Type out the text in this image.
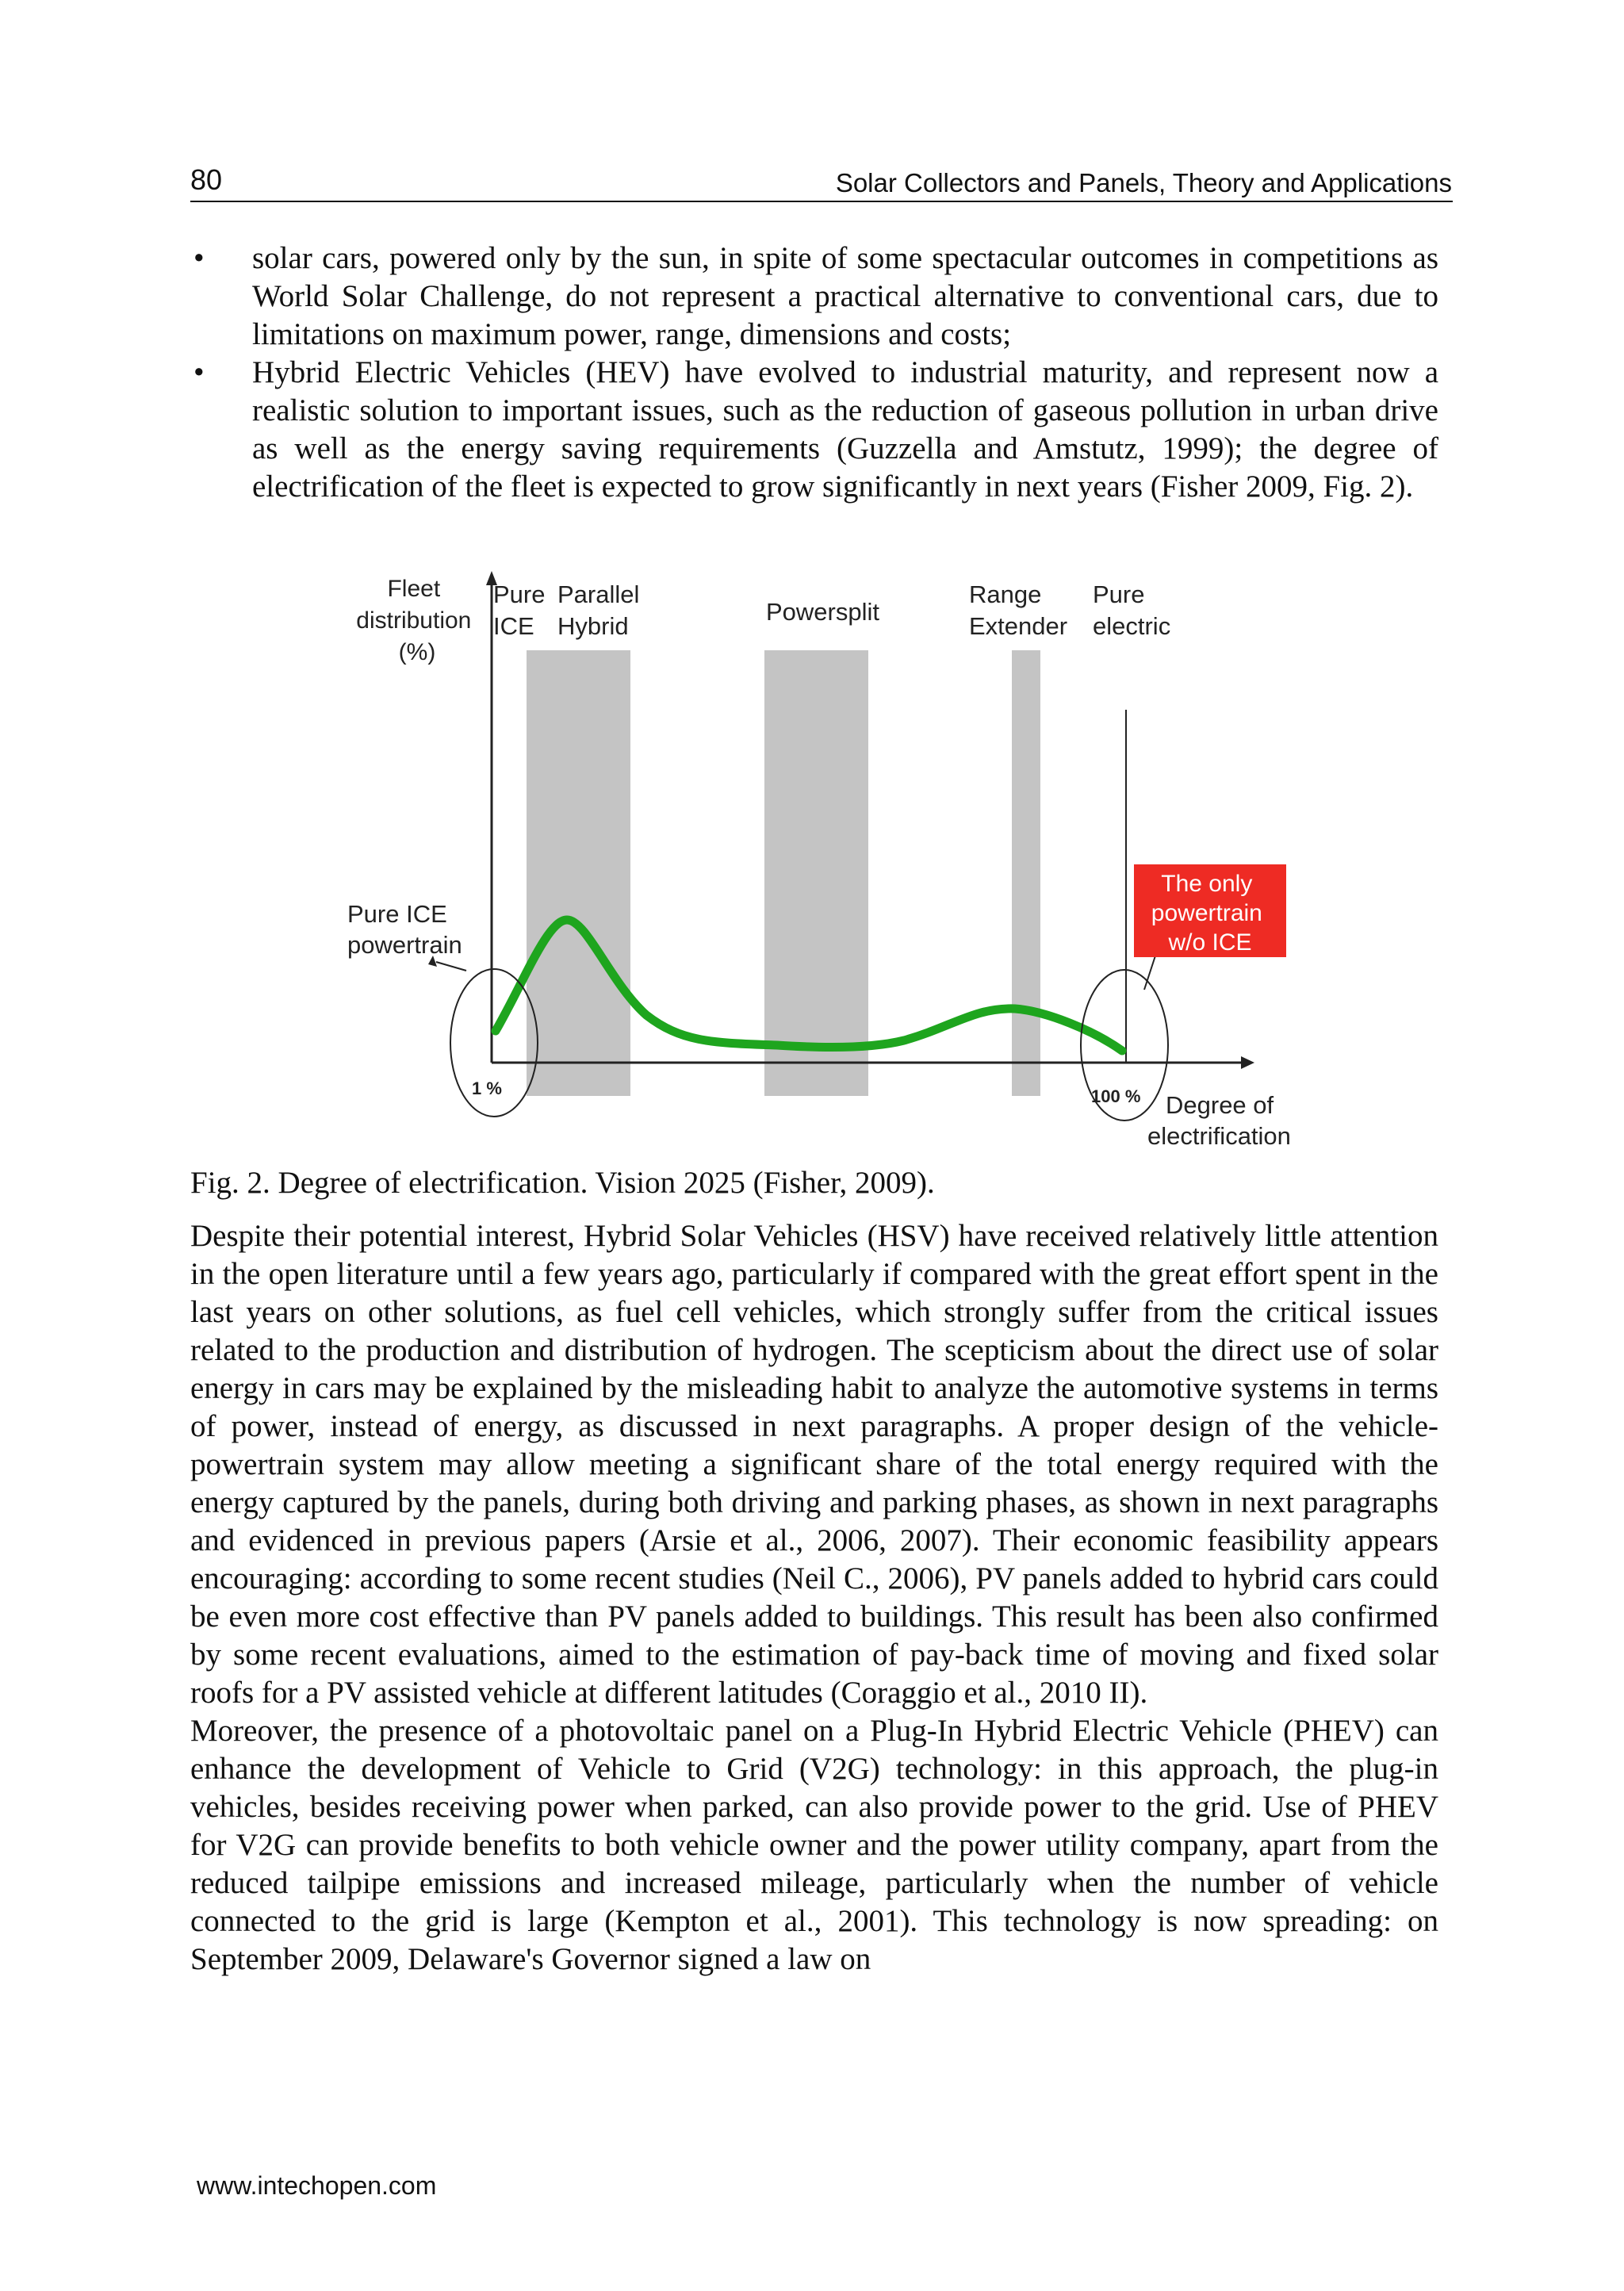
80	Solar Collectors and Panels, Theory and Applications
• solar cars, powered only by the sun, in spite of some spectacular outcomes in competitions as World Solar Challenge, do not represent a practical alternative to conventional cars, due to limitations on maximum power, range, dimensions and costs;
• Hybrid Electric Vehicles (HEV) have evolved to industrial maturity, and represent now a realistic solution to important issues, such as the reduction of gaseous pollution in urban drive as well as the energy saving requirements (Guzzella and Amstutz, 1999); the degree of electrification of the fleet is expected to grow significantly in next years (Fisher 2009, Fig. 2).
Fleet distribution (%)
Pure ICE
Parallel Hybrid
Powersplit
Range Extender
Pure electric
Pure ICE powertrain
The only powertrain w/o ICE
1 %	100 %	Degree of electrification
Fig. 2. Degree of electrification. Vision 2025 (Fisher, 2009).

Despite their potential interest, Hybrid Solar Vehicles (HSV) have received relatively little attention in the open literature until a few years ago, particularly if compared with the great effort spent in the last years on other solutions, as fuel cell vehicles, which strongly suffer from the critical issues related to the production and distribution of hydrogen. The scepticism about the direct use of solar energy in cars may be explained by the misleading habit to analyze the automotive systems in terms of power, instead of energy, as discussed in next paragraphs. A proper design of the vehicle-powertrain system may allow meeting a significant share of the total energy required with the energy captured by the panels, during both driving and parking phases, as shown in next paragraphs and evidenced in previous papers (Arsie et al., 2006, 2007). Their economic feasibility appears encouraging: according to some recent studies (Neil C., 2006), PV panels added to hybrid cars could be even more cost effective than PV panels added to buildings. This result has been also confirmed by some recent evaluations, aimed to the estimation of pay-back time of moving and fixed solar roofs for a PV assisted vehicle at different latitudes (Coraggio et al., 2010 II).

Moreover, the presence of a photovoltaic panel on a Plug-In Hybrid Electric Vehicle (PHEV) can enhance the development of Vehicle to Grid (V2G) technology: in this approach, the plug-in vehicles, besides receiving power when parked, can also provide power to the grid. Use of PHEV for V2G can provide benefits to both vehicle owner and the power utility company, apart from the reduced tailpipe emissions and increased mileage, particularly when the number of vehicle connected to the grid is large (Kempton et al., 2001). This technology is now spreading: on September 2009, Delaware's Governor signed a law on

www.intechopen.com
